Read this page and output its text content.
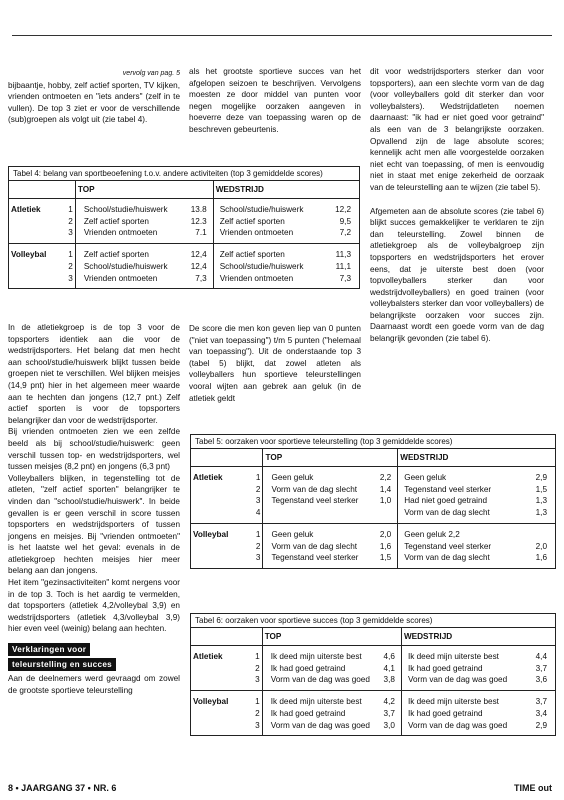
vervolg van pag. 5

bijbaantje, hobby, zelf actief sporten, TV kijken, vrienden ontmoeten en "iets anders" (zelf in te vullen). De top 3 ziet er voor de verschillende (sub)groepen als volgt uit (zie tabel 4).

als het grootste sportieve succes van het afgelopen seizoen te beschrijven. Vervolgens moesten ze door middel van punten voor negen mogelijke oorzaken aangeven in hoeverre deze van toepassing waren op de beschreven gebeurtenis.

dit voor wedstrijdsporters sterker dan voor topsporters), aan een slechte vorm van de dag (voor volleyballers gold dit sterker dan voor volleybalsters). Wedstrijdatleten noemen daarnaast: "ik had er niet goed voor getraind" als een van de 3 belangrijkste oorzaken. Opvallend zijn de lage absolute scores; kennelijk acht men alle voorgestelde oorzaken niet echt van toepassing, of men is eenvoudig niet in staat met enige zekerheid de oorzaak van de teleurstelling aan te wijzen (zie tabel 5).

Afgemeten aan de absolute scores (zie tabel 6) blijkt succes gemakkelijker te verklaren te zijn dan teleurstelling. Zowel binnen de atletiekgroep als de volleybalgroep zijn topsporters en wedstrijdsporters het erover eens, dat je uiterste best doen (voor topvolleyballers sterker dan voor wedstrijdvolleyballers) en goed trainen (voor volleybalsters sterker dan voor volleyballers) de belangrijkste oorzaken voor succes zijn. Daarnaast wordt een goede vorm van de dag belangrijk gevonden (zie tabel 6).

Tabel 4: belang van sportbeoefening t.o.v. andere activiteiten (top 3 gemiddelde scores)
		TOP		WEDSTRIJD	
Atletiek	1	School/studie/huiswerk	13.8	School/studie/huiswerk	12,2
	2	Zelf actief sporten	12.3	Zelf actief sporten	9,5
	3	Vrienden ontmoeten	7.1	Vrienden ontmoeten	7,2
Volleybal	1	Zelf actief sporten	12,4	Zelf actief sporten	11,3
	2	School/studie/huiswerk	12,4	School/studie/huiswerk	11,1
	3	Vrienden ontmoeten	7,3	Vrienden ontmoeten	7,3

In de atletiekgroep is de top 3 voor de topsporters identiek aan die voor de wedstrijdsporters. Het belang dat men hecht aan school/studie/huiswerk blijkt tussen beide groepen niet te verschillen. Wel blijken meisjes (14,9 pnt) hier in het algemeen meer waarde aan te hechten dan jongens (12,7 pnt.) Zelf actief sporten is voor de topsporters belangrijker dan voor de wedstrijdsporter.

Bij vrienden ontmoeten zien we een zelfde beeld als bij school/studie/huiswerk: geen verschil tussen top- en wedstrijdsporters, wel tussen meisjes (8,2 pnt) en jongens (6,3 pnt)

Volleyballers blijken, in tegenstelling tot de atleten, "zelf actief sporten" belangrijker te vinden dan "school/studie/huiswerk". In beide gevallen is er geen verschil in score tussen topsporters en wedstrijdsporters of tussen jongens en meisjes. Bij "vrienden ontmoeten" is het laatste wel het geval: evenals in de atletiekgroep hechten meisjes hier meer belang aan dan jongens.

Het item "gezinsactiviteiten" komt nergens voor in de top 3. Toch is het aardig te vermelden, dat topsporters (atletiek 4,2/volleybal 3,9) en wedstrijdsporters (atletiek 4,3/volleybal 3,9) hier even veel (weinig) belang aan hechten.

Verklaringen voor
teleurstelling en succes

Aan de deelnemers werd gevraagd om zowel de grootste sportieve teleurstelling

De score die men kon geven liep van 0 punten ("niet van toepassing") t/m 5 punten ("helemaal van toepassing"). Uit de onderstaande top 3 (tabel 5) blijkt, dat zowel atleten als volleyballers hun sportieve teleurstellingen vooral wijten aan gebrek aan geluk (in de atletiek geldt

Tabel 5: oorzaken voor sportieve teleurstelling (top 3 gemiddelde scores)
		TOP		WEDSTRIJD	
Atletiek	1	Geen geluk	2,2	Geen geluk	2,9
	2	Vorm van de dag slecht	1,4	Tegenstand veel sterker	1,5
	3	Tegenstand veel sterker	1,0	Had niet goed getraind	1,3
	4			Vorm van de dag slecht	1,3
Volleybal	1	Geen geluk	2,0	Geen geluk 2,2	
	2	Vorm van de dag slecht	1,6	Tegenstand veel sterker	2,0
	3	Tegenstand veel sterker	1,5	Vorm van de dag slecht	1,6
Tabel 6: oorzaken voor sportieve succes (top 3 gemiddelde scores)
		TOP		WEDSTRIJD	
Atletiek	1	Ik deed mijn uiterste best	4,6	Ik deed mijn uiterste best	4,4
	2	Ik had goed getraind	4,1	Ik had goed getraind	3,7
	3	Vorm van de dag was goed	3,8	Vorm van de dag was goed	3,6
Volleybal	1	Ik deed mijn uiterste best	4,2	Ik deed mijn uiterste best	3,7
	2	Ik had goed getraind	3,7	Ik had goed getraind	3,4
	3	Vorm van de dag was goed	3,0	Vorm van de dag was goed	2,9
8 • JAARGANG 37 • NR. 6	TIME out
